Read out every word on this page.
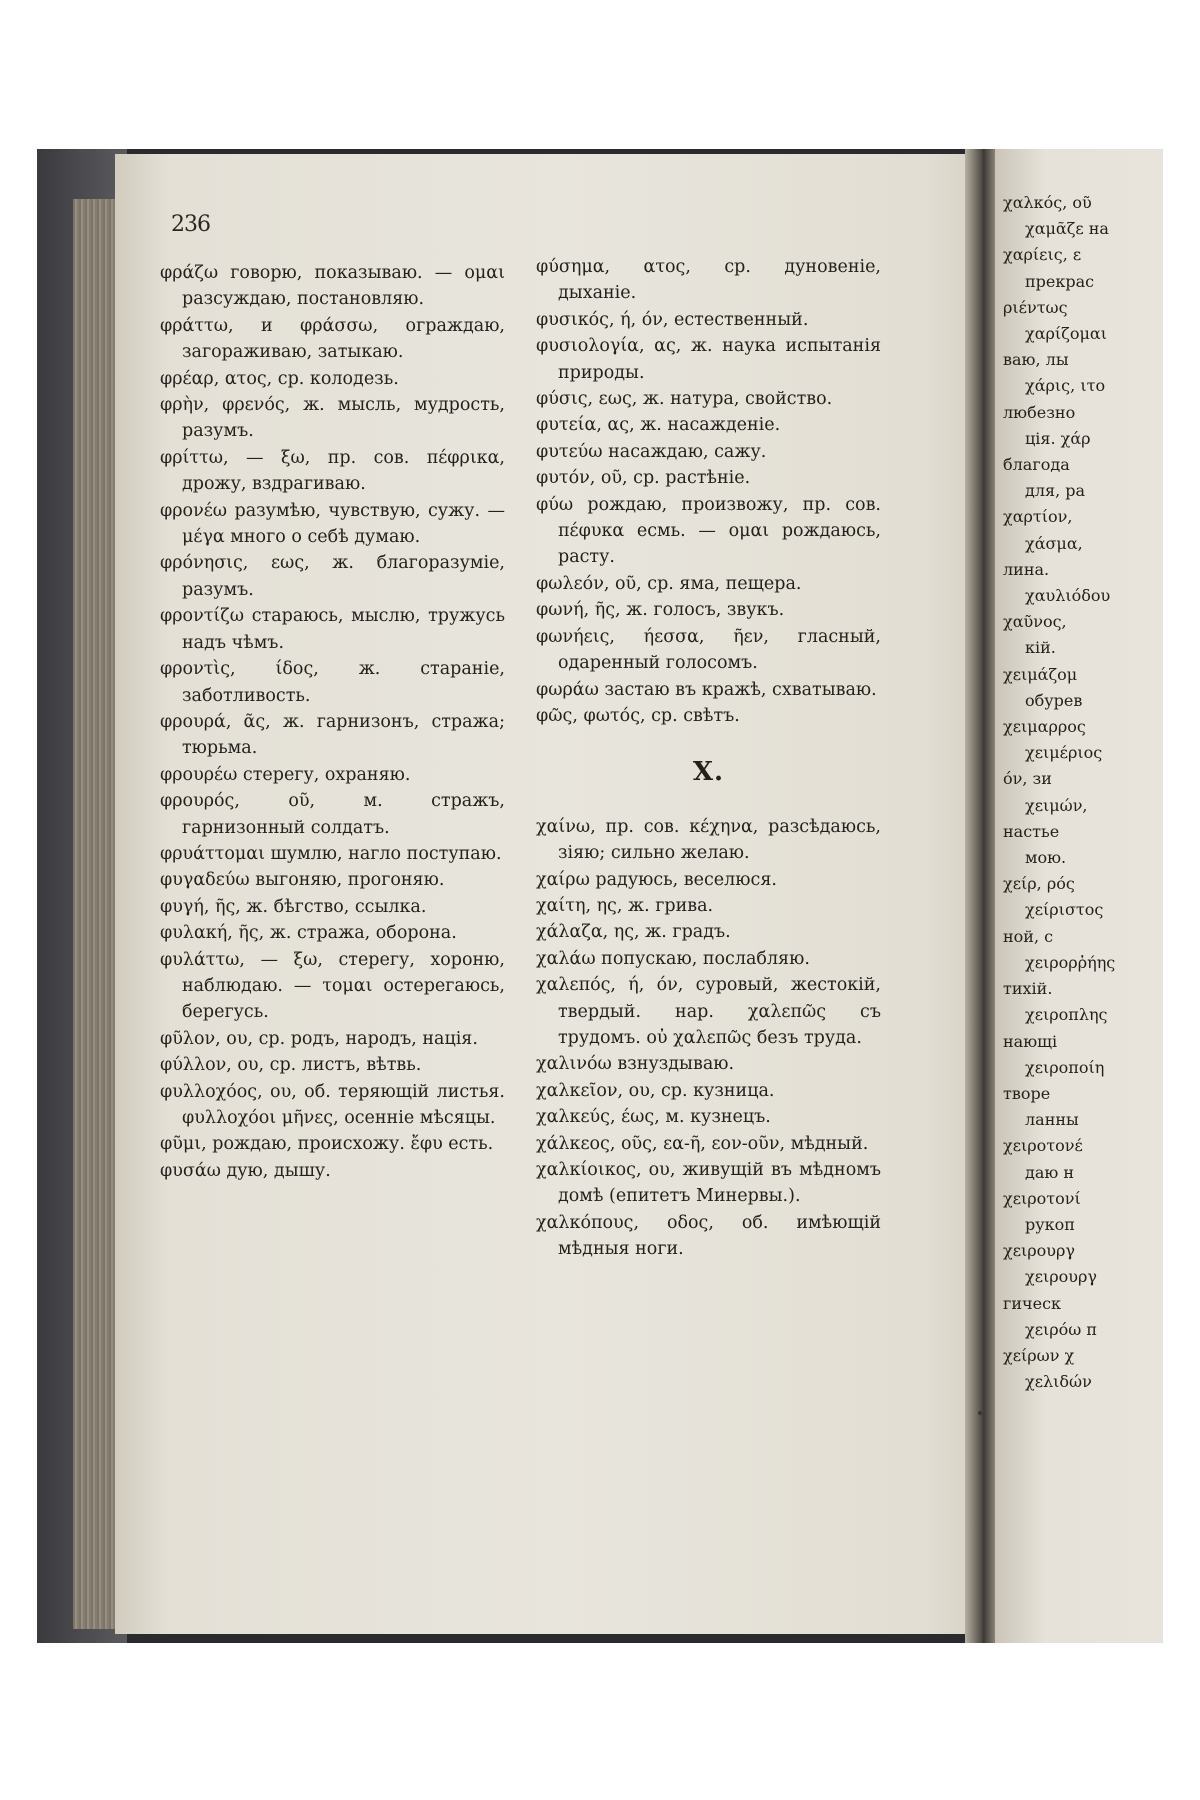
236

φράζω говорю, показываю. — ομαι разсуждаю, постановляю.

φράττω, и φράσσω, ограждаю, загораживаю, затыкаю.

φρέαρ, ατος, ср. колодезь.

φρὴν, φρενός, ж. мысль, мудрость, разумъ.

φρίττω, — ξω, пр. сов. πέφρικα, дрожу, вздрагиваю.

φρονέω разумѣю, чувствую, сужу. — μέγα много о себѣ думаю.

φρόνησις, εως, ж. благоразуміе, разумъ.

φροντίζω стараюсь, мыслю, тружусь надъ чѣмъ.

φροντὶς, ίδος, ж. стараніе, заботливость.

φρουρά, ᾶς, ж. гарнизонъ, стража; тюрьма.

φρουρέω стерегу, охраняю.

φρουρός, οῦ, м. стражъ, гарнизонный солдатъ.

φρυάττομαι шумлю, нагло поступаю.

φυγαδεύω выгоняю, прогоняю.

φυγή, ῆς, ж. бѣгство, ссылка.

φυλακή, ῆς, ж. стража, оборона.

φυλάττω, — ξω, стерегу, хороню, наблюдаю. — τομαι остерегаюсь, берегусь.

φῦλον, ου, ср. родъ, народъ, нація.

φύλλον, ου, ср. листъ, вѣтвь.

φυλλοχόος, ου, об. теряющій листья. φυλλοχόοι μῆνες, осенніе мѣсяцы.

φῦμι, рождаю, происхожу. ἔφυ есть.

φυσάω дую, дышу.

φύσημα, ατος, ср. дуновеніе, дыханіе.

φυσικός, ή, όν, естественный.

φυσιολογία, ας, ж. наука испытанія природы.

φύσις, εως, ж. натура, свойство.

φυτεία, ας, ж. насажденіе.

φυτεύω насаждаю, сажу.

φυτόν, οῦ, ср. растѣніе.

φύω рождаю, произвожу, пр. сов. πέφυκα есмь. — ομαι рождаюсь, расту.

φωλεόν, οῦ, ср. яма, пещера.

φωνή, ῆς, ж. голосъ, звукъ.

φωνήεις, ήεσσα, ῆεν, гласный, одаренный голосомъ.

φωράω застаю въ кражѣ, схватываю.

φῶς, φωτός, ср. свѣтъ.

Χ.

χαίνω, пр. сов. κέχηνα, разсѣдаюсь, зіяю; сильно желаю.

χαίρω радуюсь, веселюся.

χαίτη, ης, ж. грива.

χάλαζα, ης, ж. градъ.

χαλάω попускаю, послабляю.

χαλεπός, ή, όν, суровый, жестокій, твердый. нар. χαλεπῶς съ трудомъ. οὐ χαλεπῶς безъ труда.

χαλινόω взнуздываю.

χαλκεῖον, ου, ср. кузница.

χαλκεύς, έως, м. кузнецъ.

χάλκεος, οῦς, εα-ῆ, εον-οῦν, мѣдный.

χαλκίοικος, ου, живущій въ мѣдномъ домѣ (епитетъ Минервы.).

χαλκόπους, οδος, об. имѣющій мѣдныя ноги.

χαλκός, οῦ

χαμᾶζε на

χαρίεις, ε

прекрас

ριέντως

χαρίζομαι

ваю, лы

χάρις, ιτο

любезно

ція. χάρ

благода

для, ра

χαρτίον,

χάσμα,

лина.

χαυλιόδου

χαῦνος,

кій.

χειμάζομ

обурев

χειμαρρος

χειμέριος

όν, зи

χειμών,

настье

мою.

χείρ, ρός

χείριστος

ной, с

χειρορῥήης

тихій.

χειροπλης

нающі

χειροποίη

творе

ланны

χειροτονέ

даю н

χειροτονί

рукоп

χειρουργ

χειρουργ

гическ

χειρόω п

χείρων χ

χελιδών
